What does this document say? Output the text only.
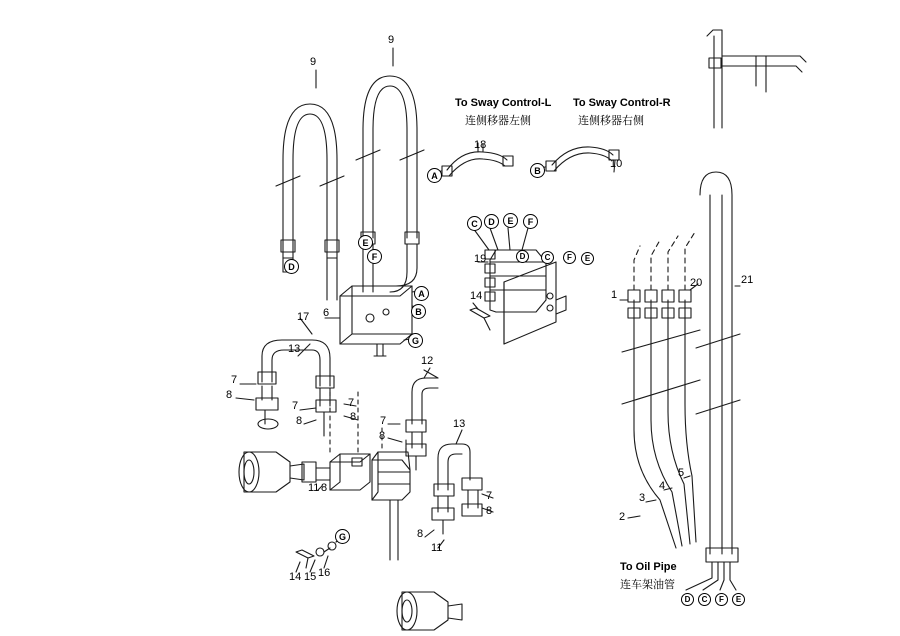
To Sway Control-L
连侧移器左侧
To Sway Control-R
连侧移器右侧
To Oil Pipe
连车架油管
9
9
18
10
19
14	1
20	21
17 6
13
7
8
7
8
7
8
12
7
8
13
11 8
7
8
8
11
14 15 16
2
3
4
5
A	B
E
F
D
A
B
G
C	D	E	F
D	C	F	E
G
D	C	F	E
